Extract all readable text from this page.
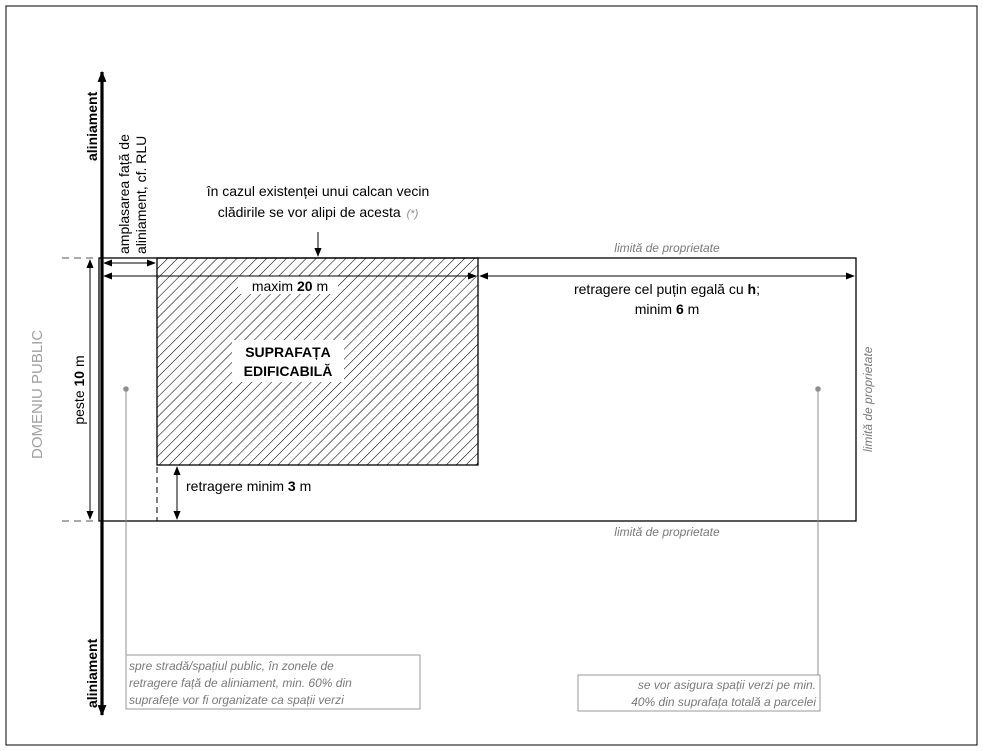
aliniament
aliniament
amplasarea față de aliniament, cf. RLU
DOMENIU PUBLIC
în cazul existenței unui calcan vecin
clădirile se vor alipi de acesta (*)
limită de proprietate
limită de proprietate
limită de proprietate
maxim 20 m	retragere cel puțin egală cu h;
minim 6 m
SUPRAFAȚA
EDIFICABILĂ
peste 10 m
retragere minim 3 m
spre stradă/spațiul public, în zonele de
retragere față de aliniament, min. 60% din
suprafețe vor fi organizate ca spații verzi
se vor asigura spații verzi pe min.
40% din suprafața totală a parcelei
